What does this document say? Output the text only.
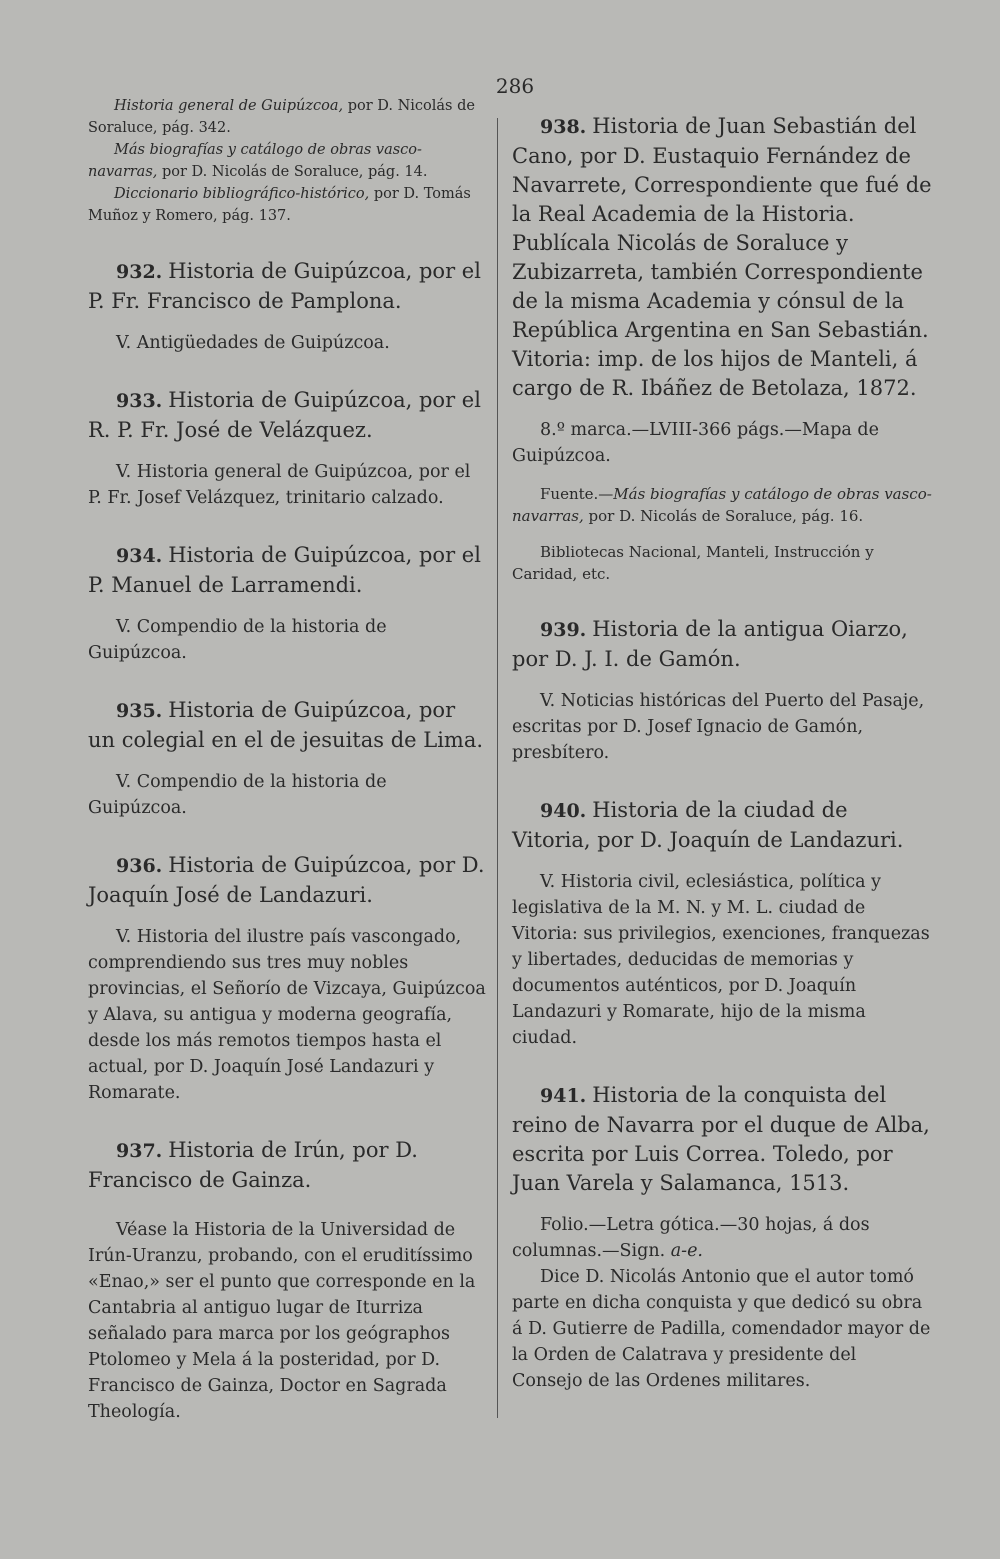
286

Historia general de Guipúzcoa, por D. Nicolás de Soraluce, pág. 342.

Más biografías y catálogo de obras vasco-navarras, por D. Nicolás de Soraluce, pág. 14.

Diccionario bibliográfico-histórico, por D. Tomás Muñoz y Romero, pág. 137.

932. Historia de Guipúzcoa, por el P. Fr. Francisco de Pamplona.

V. Antigüedades de Guipúzcoa.

933. Historia de Guipúzcoa, por el R. P. Fr. José de Velázquez.

V. Historia general de Guipúzcoa, por el P. Fr. Josef Velázquez, trinitario calzado.

934. Historia de Guipúzcoa, por el P. Manuel de Larramendi.

V. Compendio de la historia de Guipúzcoa.

935. Historia de Guipúzcoa, por un colegial en el de jesuitas de Lima.

V. Compendio de la historia de Guipúzcoa.

936. Historia de Guipúzcoa, por D. Joaquín José de Landazuri.

V. Historia del ilustre país vascongado, comprendiendo sus tres muy nobles provincias, el Señorío de Vizcaya, Guipúzcoa y Alava, su antigua y moderna geografía, desde los más remotos tiempos hasta el actual, por D. Joaquín José Landazuri y Romarate.

937. Historia de Irún, por D. Francisco de Gainza.

Véase la Historia de la Universidad de Irún-Uranzu, probando, con el eruditíssimo «Enao,» ser el punto que corresponde en la Cantabria al antiguo lugar de Iturriza señalado para marca por los geógraphos Ptolomeo y Mela á la posteridad, por D. Francisco de Gainza, Doctor en Sagrada Theología.

938. Historia de Juan Sebastián del Cano, por D. Eustaquio Fernández de Navarrete, Correspondiente que fué de la Real Academia de la Historia. Publícala Nicolás de Soraluce y Zubizarreta, también Correspondiente de la misma Academia y cónsul de la República Argentina en San Sebastián. Vitoria: imp. de los hijos de Manteli, á cargo de R. Ibáñez de Betolaza, 1872.

8.º marca.—LVIII-366 págs.—Mapa de Guipúzcoa.

Fuente.—Más biografías y catálogo de obras vasco-navarras, por D. Nicolás de Soraluce, pág. 16.

Bibliotecas Nacional, Manteli, Instrucción y Caridad, etc.

939. Historia de la antigua Oiarzo, por D. J. I. de Gamón.

V. Noticias históricas del Puerto del Pasaje, escritas por D. Josef Ignacio de Gamón, presbítero.

940. Historia de la ciudad de Vitoria, por D. Joaquín de Landazuri.

V. Historia civil, eclesiástica, política y legislativa de la M. N. y M. L. ciudad de Vitoria: sus privilegios, exenciones, franquezas y libertades, deducidas de memorias y documentos auténticos, por D. Joaquín Landazuri y Romarate, hijo de la misma ciudad.

941. Historia de la conquista del reino de Navarra por el duque de Alba, escrita por Luis Correa. Toledo, por Juan Varela y Salamanca, 1513.

Folio.—Letra gótica.—30 hojas, á dos columnas.—Sign. a-e.

Dice D. Nicolás Antonio que el autor tomó parte en dicha conquista y que dedicó su obra á D. Gutierre de Padilla, comendador mayor de la Orden de Calatrava y presidente del Consejo de las Ordenes militares.
